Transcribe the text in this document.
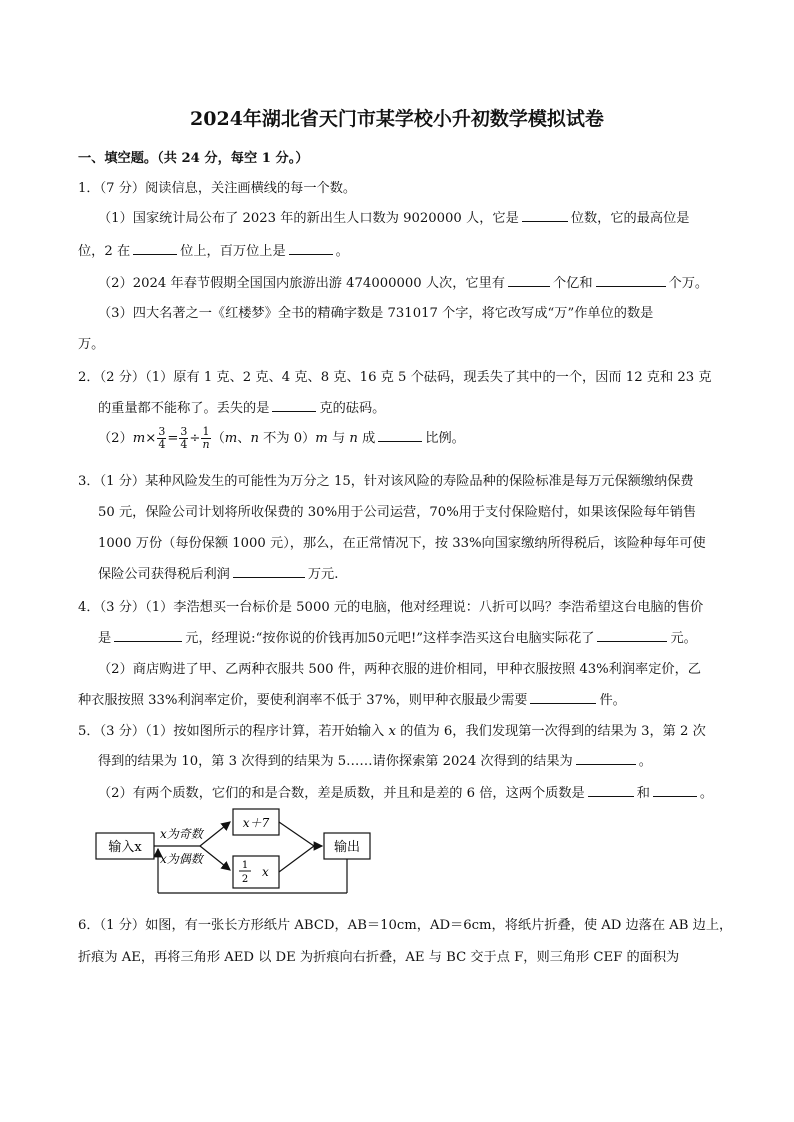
2024年湖北省天门市某学校小升初数学模拟试卷
一、填空题。（共 24 分，每空 1 分。）
1．（7 分）阅读信息，关注画横线的每一个数。
（1）国家统计局公布了 2023 年的新出生人口数为 9020000 人，它是	位数，它的最高位是
位，2 在	位上，百万位上是	。
（2）2024 年春节假期全国国内旅游出游 474000000 人次，它里有	个亿和	个万。
（3）四大名著之一《红楼梦》全书的精确字数是 731017 个字，将它改写成“万”作单位的数是
万。
2．（2 分）（1）原有 1 克、2 克、4 克、8 克、16 克 5 个砝码，现丢失了其中的一个，因而 12 克和 23 克
的重量都不能称了。丢失的是	克的砝码。
$(2)m\times \frac{3}{4} = \frac{3}{4} \div \frac{1}{n} (m$、n 不为 0）m 与 n 成	比例。
3．（1 分）某种风险发生的可能性为万分之 15，针对该风险的寿险品种的保险标准是每万元保额缴纳保费
50 元，保险公司计划将所收保费的 30%用于公司运营，70%用于支付保险赔付，如果该保险每年销售
1000 万份（每份保额 1000 元），那么，在正常情况下，按 33%向国家缴纳所得税后，该险种每年可使
保险公司获得税后利润	万元.
4．（3 分）（1）李浩想买一台标价是 5000 元的电脑，他对经理说：八折可以吗？李浩希望这台电脑的售价
是	元，经理说:“按你说的价钱再加50元吧!”这样李浩买这台电脑实际花了	元。
（2）商店购进了甲、乙两种衣服共 500 件，两种衣服的进价相同，甲种衣服按照 43%利润率定价，乙
种衣服按照 33%利润率定价，要使利润率不低于 37%，则甲种衣服最少需要	件。
5．（3 分）（1）按如图所示的程序计算，若开始输入 x 的值为 6，我们发现第一次得到的结果为 3，第 2 次
得到的结果为 10，第 3 次得到的结果为 5……请你探索第 2024 次得到的结果为	。
（2）有两个质数，它们的和是合数，差是质数，并且和是差的 6 倍，这两个质数是	和	。
输入x
x为奇数
x为偶数
x＋7
1
2
x
输出
6．（1 分）如图，有一张长方形纸片 ABCD，AB＝10cm，AD＝6cm，将纸片折叠，使 AD 边落在 AB 边上，
折痕为 AE，再将三角形 AED 以 DE 为折痕向右折叠，AE 与 BC 交于点 F，则三角形 CEF 的面积为
